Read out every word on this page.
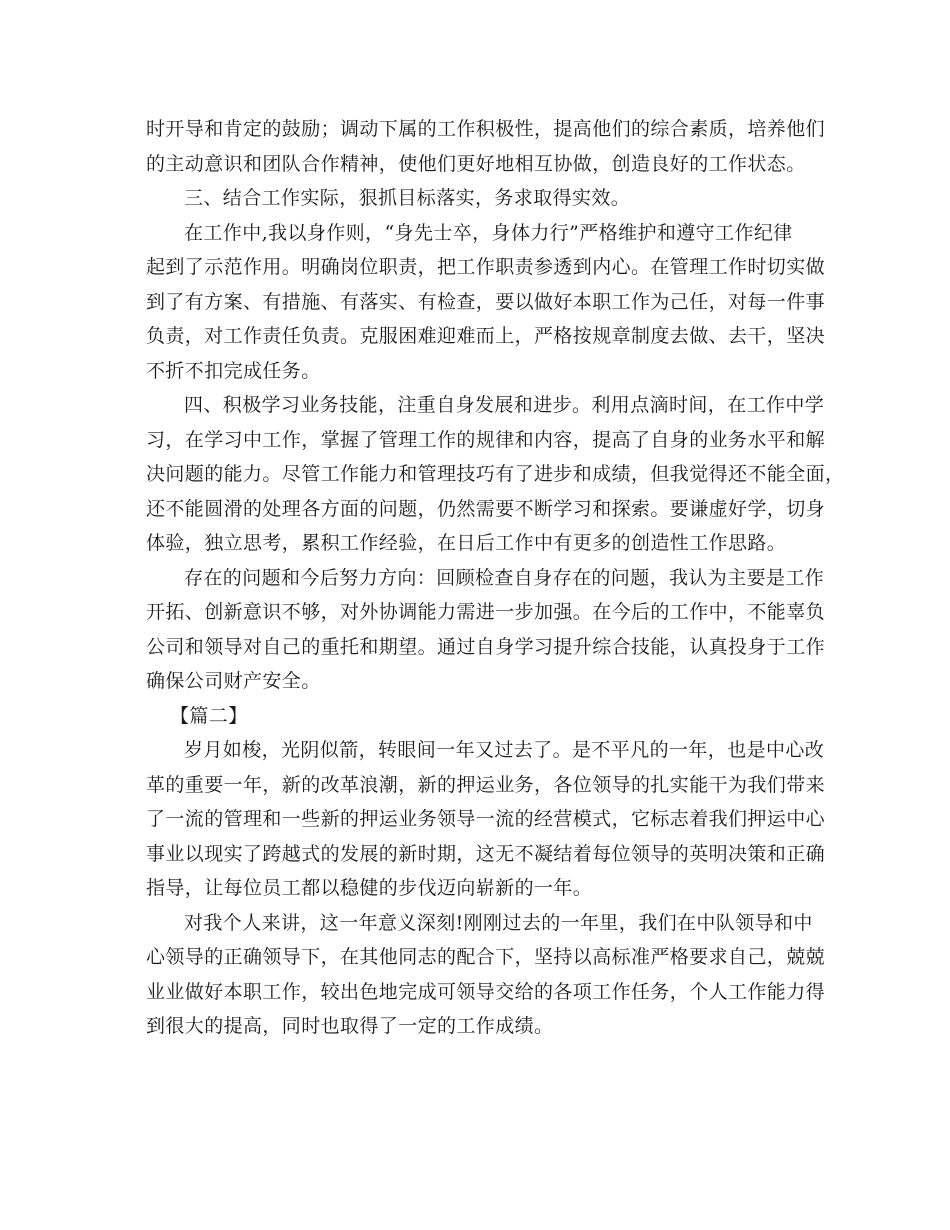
时开导和肯定的鼓励；调动下属的工作积极性，提高他们的综合素质，培养他们
的主动意识和团队合作精神，使他们更好地相互协做，创造良好的工作状态。
三、结合工作实际，狠抓目标落实，务求取得实效。
在工作中,我以身作则，“身先士卒，身体力行”严格维护和遵守工作纪律
起到了示范作用。明确岗位职责，把工作职责参透到内心。在管理工作时切实做
到了有方案、有措施、有落实、有检查，要以做好本职工作为己任，对每一件事
负责，对工作责任负责。克服困难迎难而上，严格按规章制度去做、去干，坚决
不折不扣完成任务。
四、积极学习业务技能，注重自身发展和进步。利用点滴时间，在工作中学
习，在学习中工作，掌握了管理工作的规律和内容，提高了自身的业务水平和解
决问题的能力。尽管工作能力和管理技巧有了进步和成绩，但我觉得还不能全面，
还不能圆滑的处理各方面的问题，仍然需要不断学习和探索。要谦虚好学，切身
体验，独立思考，累积工作经验，在日后工作中有更多的创造性工作思路。
存在的问题和今后努力方向：回顾检查自身存在的问题，我认为主要是工作
开拓、创新意识不够，对外协调能力需进一步加强。在今后的工作中，不能辜负
公司和领导对自己的重托和期望。通过自身学习提升综合技能，认真投身于工作
确保公司财产安全。
【篇二】
岁月如梭，光阴似箭，转眼间一年又过去了。是不平凡的一年，也是中心改
革的重要一年，新的改革浪潮，新的押运业务，各位领导的扎实能干为我们带来
了一流的管理和一些新的押运业务领导一流的经营模式，它标志着我们押运中心
事业以现实了跨越式的发展的新时期，这无不凝结着每位领导的英明决策和正确
指导，让每位员工都以稳健的步伐迈向崭新的一年。
对我个人来讲，这一年意义深刻!刚刚过去的一年里，我们在中队领导和中
心领导的正确领导下，在其他同志的配合下，坚持以高标准严格要求自己，兢兢
业业做好本职工作，较出色地完成可领导交给的各项工作任务，个人工作能力得
到很大的提高，同时也取得了一定的工作成绩。
